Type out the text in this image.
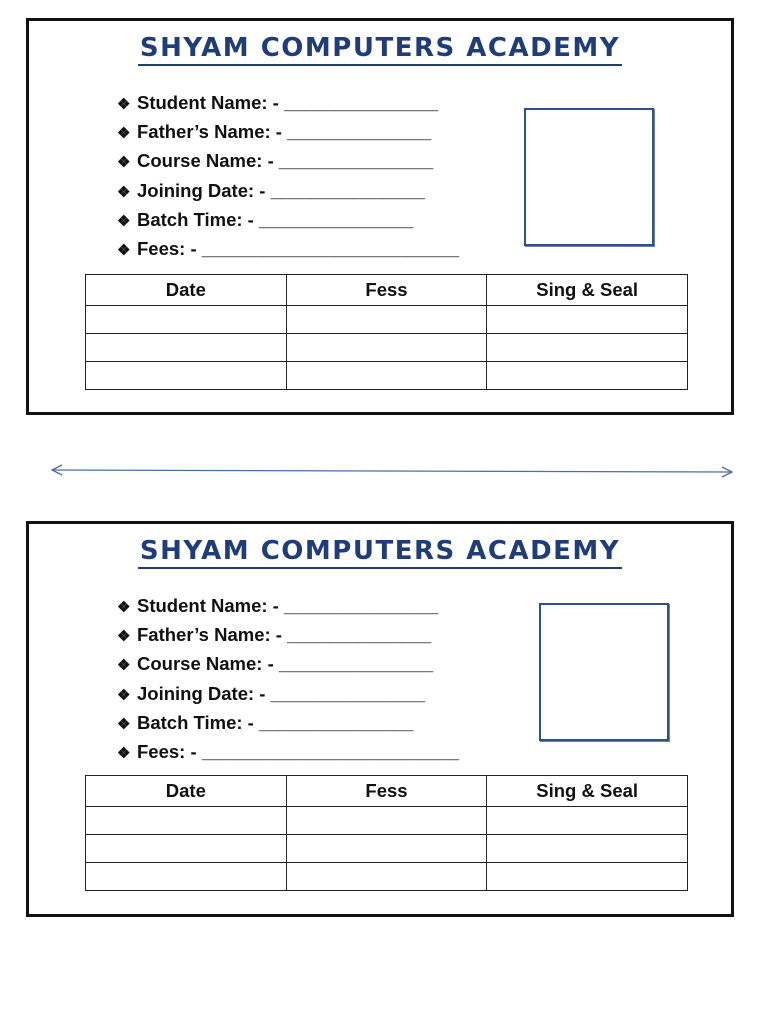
SHYAM COMPUTERS ACADEMY
❖ Student Name: - _______________
❖ Father’s Name: - ______________
❖ Course Name: - _______________
❖ Joining Date: - _______________
❖ Batch Time: - _______________
❖ Fees: - _________________________
Date	Fess	Sing & Seal

SHYAM COMPUTERS ACADEMY
❖ Student Name: - _______________
❖ Father’s Name: - ______________
❖ Course Name: - _______________
❖ Joining Date: - _______________
❖ Batch Time: - _______________
❖ Fees: - _________________________
Date	Fess	Sing & Seal
